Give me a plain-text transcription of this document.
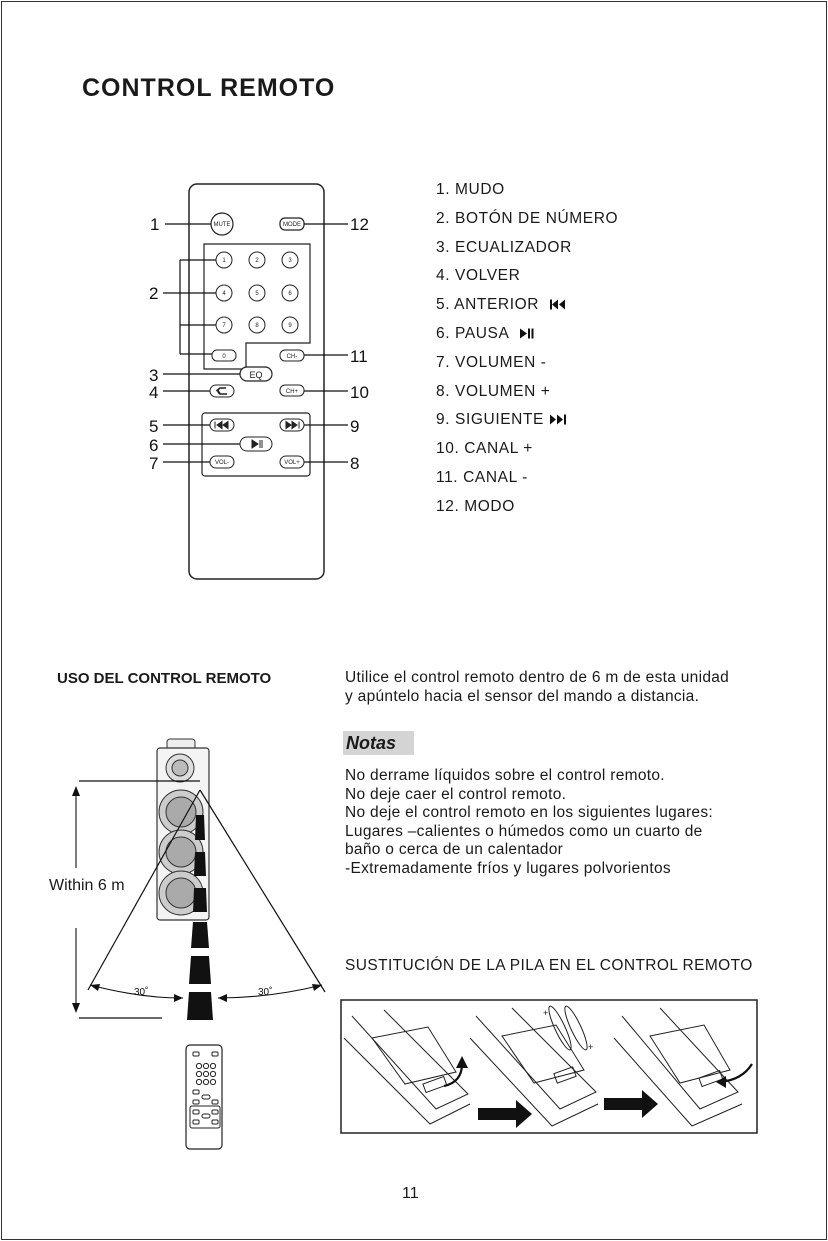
CONTROL REMOTO
MUTE	MODE
1	2	3
4	5	6
7	8	9
0
EQ
CH-
CH+
VOL-	VOL+
1	12
2
11
3
4	10
5	9
6
7	8
1. MUDO
2. BOTÓN DE NÚMERO
3. ECUALIZADOR
4. VOLVER
5. ANTERIOR
6. PAUSA
7. VOLUMEN -
8. VOLUMEN +
9. SIGUIENTE
10. CANAL +
11. CANAL -
12. MODO
USO DEL CONTROL REMOTO	Utilice el control remoto dentro de 6 m de esta unidad
y apúntelo hacia el sensor del mando a distancia.
Notas
No derrame líquidos sobre el control remoto.
No deje caer el control remoto.
No deje el control remoto en los siguientes lugares:
Lugares –calientes o húmedos como un cuarto de
baño o cerca de un calentador
-Extremadamente fríos y lugares polvorientos
30˚	30˚
Within 6 m
SUSTITUCIÓN DE LA PILA EN EL CONTROL REMOTO
+
+
11
